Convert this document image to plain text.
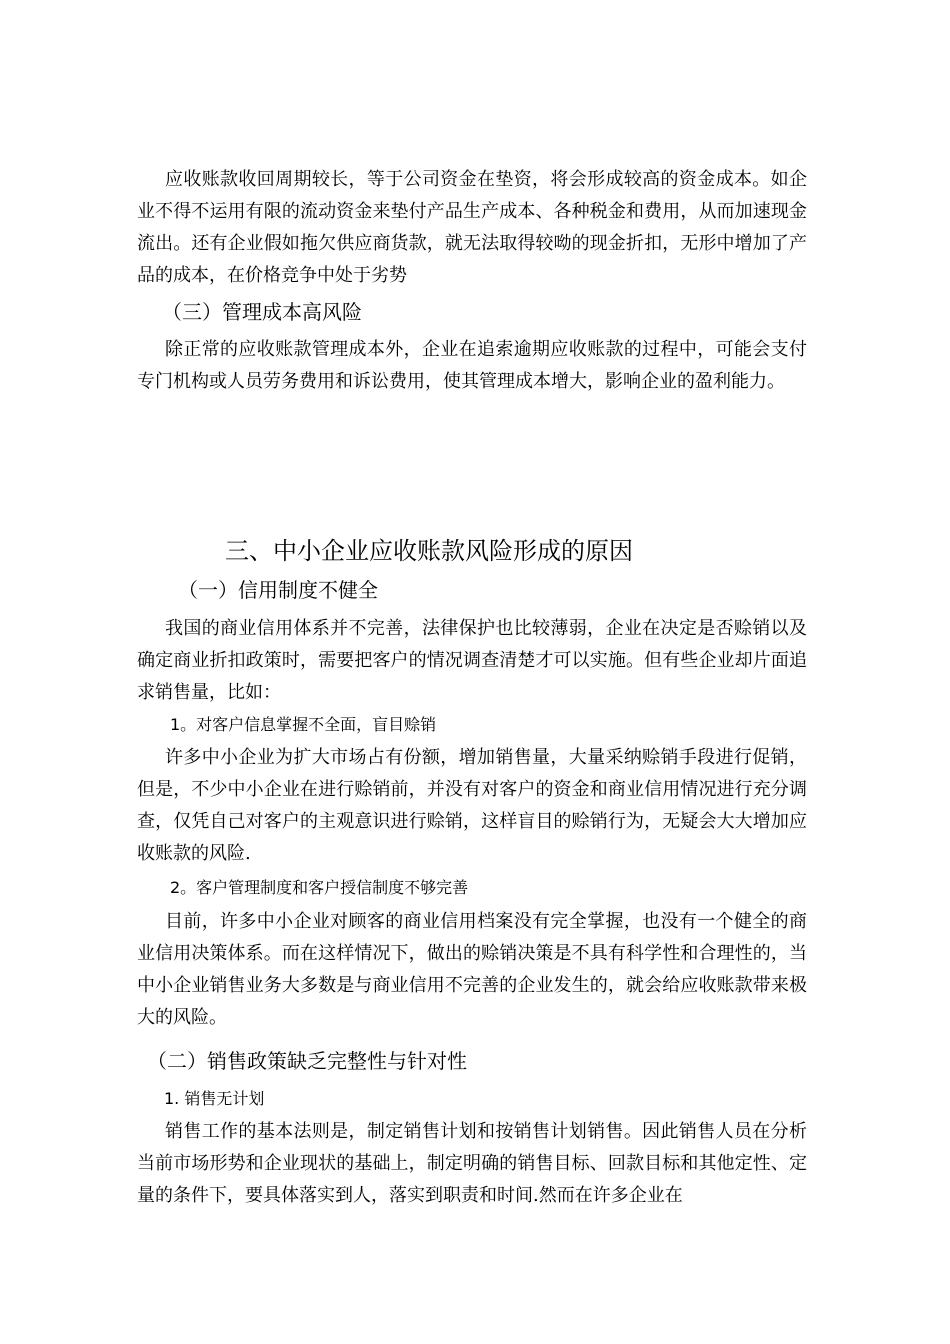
应收账款收回周期较长，等于公司资金在垫资，将会形成较高的资金成本。如企业不得不运用有限的流动资金来垫付产品生产成本、各种税金和费用，从而加速现金流出。还有企业假如拖欠供应商货款，就无法取得较呦的现金折扣，无形中增加了产品的成本，在价格竞争中处于劣势

（三）管理成本高风险

除正常的应收账款管理成本外，企业在追索逾期应收账款的过程中，可能会支付专门机构或人员劳务费用和诉讼费用，使其管理成本增大，影响企业的盈利能力。

三、中小企业应收账款风险形成的原因
（一）信用制度不健全

我国的商业信用体系并不完善，法律保护也比较薄弱，企业在决定是否赊销以及确定商业折扣政策时，需要把客户的情况调查清楚才可以实施。但有些企业却片面追求销售量，比如：

1。对客户信息掌握不全面，盲目赊销

许多中小企业为扩大市场占有份额，增加销售量，大量采纳赊销手段进行促销，但是，不少中小企业在进行赊销前，并没有对客户的资金和商业信用情况进行充分调查，仅凭自己对客户的主观意识进行赊销，这样盲目的赊销行为，无疑会大大增加应收账款的风险.

2。客户管理制度和客户授信制度不够完善

目前，许多中小企业对顾客的商业信用档案没有完全掌握，也没有一个健全的商业信用决策体系。而在这样情况下，做出的赊销决策是不具有科学性和合理性的，当中小企业销售业务大多数是与商业信用不完善的企业发生的，就会给应收账款带来极大的风险。

（二）销售政策缺乏完整性与针对性
1. 销售无计划

销售工作的基本法则是，制定销售计划和按销售计划销售。因此销售人员在分析当前市场形势和企业现状的基础上，制定明确的销售目标、回款目标和其他定性、定量的条件下，要具体落实到人，落实到职责和时间.然而在许多企业在
